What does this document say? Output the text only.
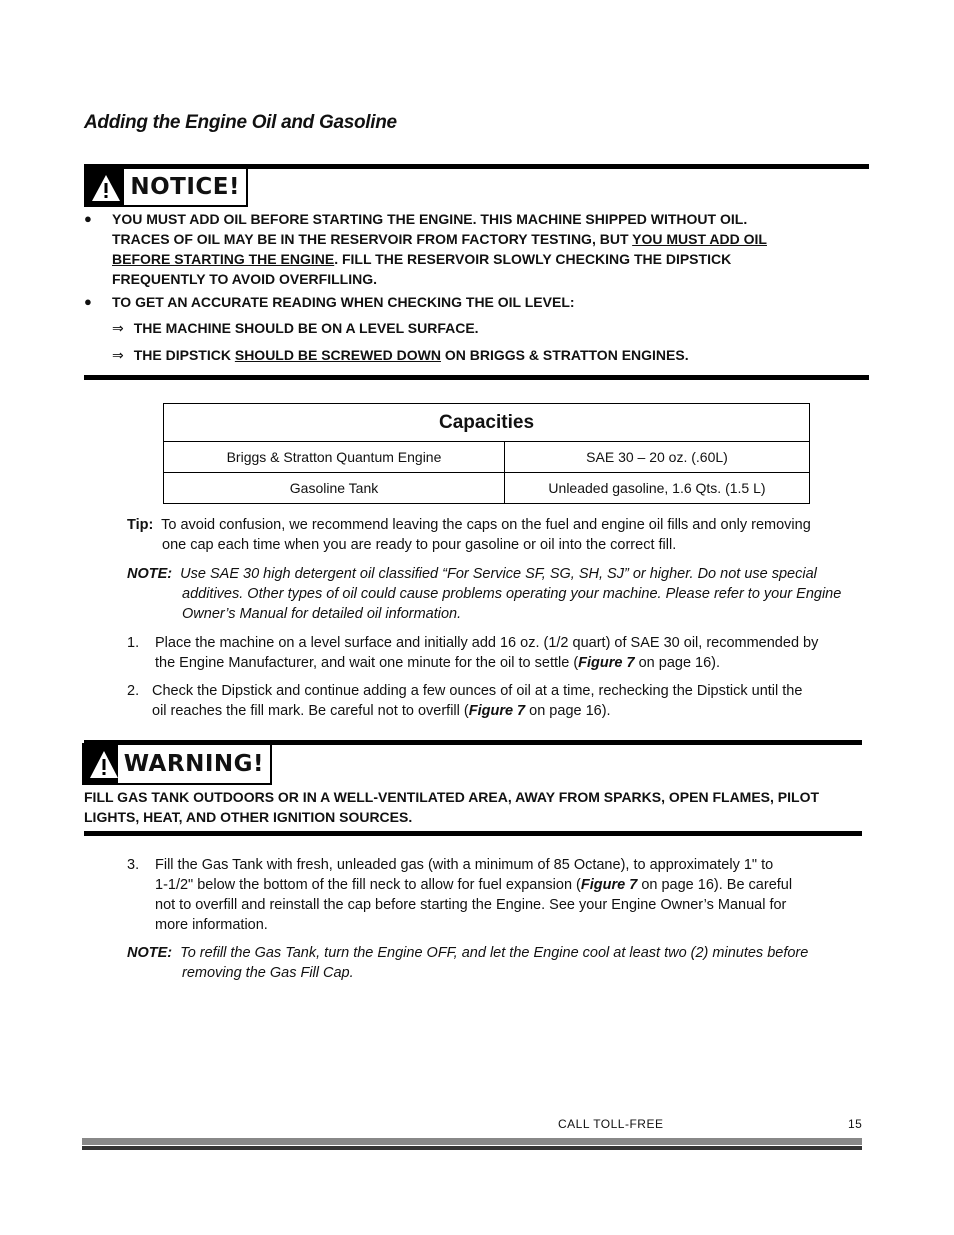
Adding the Engine Oil and Gasoline
NOTICE!
● YOU MUST ADD OIL BEFORE STARTING THE ENGINE. THIS MACHINE SHIPPED WITHOUT OIL.
TRACES OF OIL MAY BE IN THE RESERVOIR FROM FACTORY TESTING, BUT YOU MUST ADD OIL
BEFORE STARTING THE ENGINE. FILL THE RESERVOIR SLOWLY CHECKING THE DIPSTICK
FREQUENTLY TO AVOID OVERFILLING.
● TO GET AN ACCURATE READING WHEN CHECKING THE OIL LEVEL:
⇒ THE MACHINE SHOULD BE ON A LEVEL SURFACE.
⇒ THE DIPSTICK SHOULD BE SCREWED DOWN ON BRIGGS & STRATTON ENGINES.
Capacities	
Briggs & Stratton Quantum Engine	SAE 30 – 20 oz. (.60L)
Gasoline Tank	Unleaded gasoline, 1.6 Qts. (1.5 L)
Tip: To avoid confusion, we recommend leaving the caps on the fuel and engine oil fills and only removing
one cap each time when you are ready to pour gasoline or oil into the correct fill.
NOTE: Use SAE 30 high detergent oil classified “For Service SF, SG, SH, SJ” or higher. Do not use special
additives. Other types of oil could cause problems operating your machine. Please refer to your Engine
Owner’s Manual for detailed oil information.
1. Place the machine on a level surface and initially add 16 oz. (1/2 quart) of SAE 30 oil, recommended by
the Engine Manufacturer, and wait one minute for the oil to settle (Figure 7 on page 16).
2. Check the Dipstick and continue adding a few ounces of oil at a time, rechecking the Dipstick until the
oil reaches the fill mark. Be careful not to overfill (Figure 7 on page 16).
WARNING!
FILL GAS TANK OUTDOORS OR IN A WELL-VENTILATED AREA, AWAY FROM SPARKS, OPEN FLAMES, PILOT
LIGHTS, HEAT, AND OTHER IGNITION SOURCES.
3. Fill the Gas Tank with fresh, unleaded gas (with a minimum of 85 Octane), to approximately 1" to
1-1/2" below the bottom of the fill neck to allow for fuel expansion (Figure 7 on page 16). Be careful
not to overfill and reinstall the cap before starting the Engine. See your Engine Owner’s Manual for
more information.
NOTE: To refill the Gas Tank, turn the Engine OFF, and let the Engine cool at least two (2) minutes before
removing the Gas Fill Cap.
CALL TOLL-FREE	15
